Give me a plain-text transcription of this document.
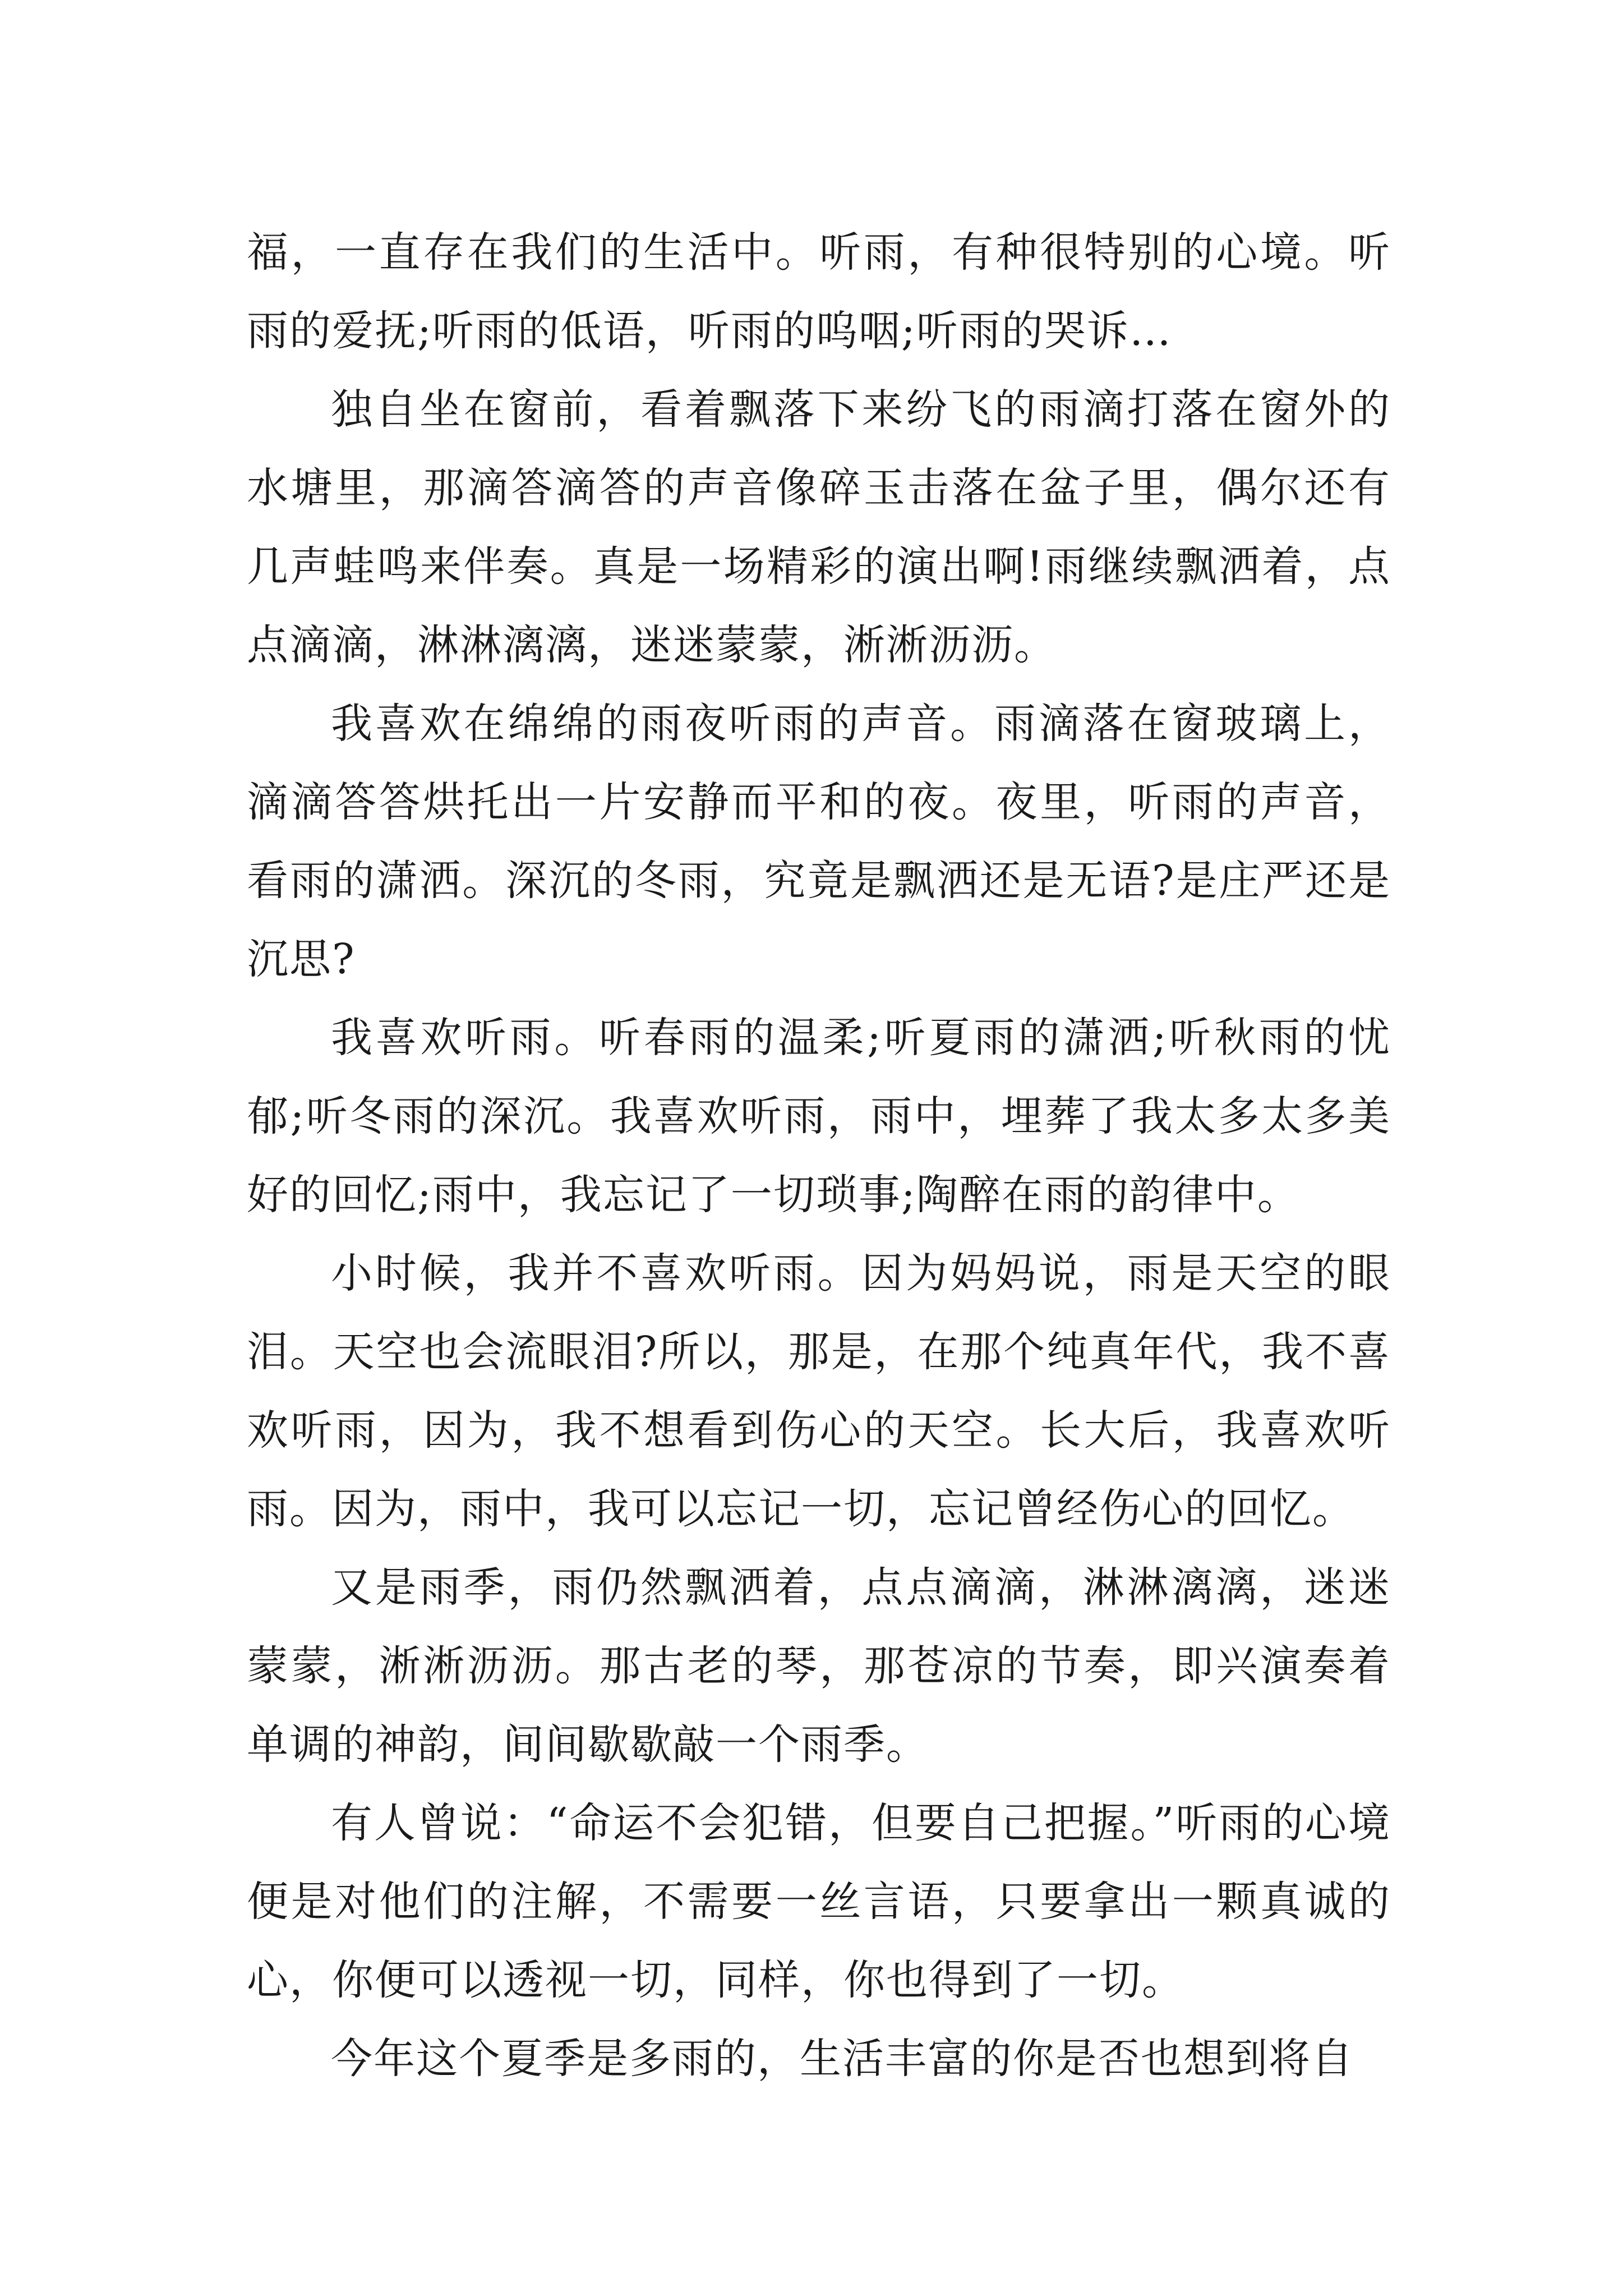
福，一直存在我们的生活中。听雨，有种很特别的心境。听雨的爱抚;听雨的低语，听雨的呜咽;听雨的哭诉…

独自坐在窗前，看着飘落下来纷飞的雨滴打落在窗外的水塘里，那滴答滴答的声音像碎玉击落在盆子里，偶尔还有几声蛙鸣来伴奏。真是一场精彩的演出啊!雨继续飘洒着，点点滴滴，淋淋漓漓，迷迷蒙蒙，淅淅沥沥。

我喜欢在绵绵的雨夜听雨的声音。雨滴落在窗玻璃上，滴滴答答烘托出一片安静而平和的夜。夜里，听雨的声音，看雨的潇洒。深沉的冬雨，究竟是飘洒还是无语?是庄严还是沉思?

我喜欢听雨。听春雨的温柔;听夏雨的潇洒;听秋雨的忧郁;听冬雨的深沉。我喜欢听雨，雨中，埋葬了我太多太多美好的回忆;雨中，我忘记了一切琐事;陶醉在雨的韵律中。

小时候，我并不喜欢听雨。因为妈妈说，雨是天空的眼泪。天空也会流眼泪?所以，那是，在那个纯真年代，我不喜欢听雨，因为，我不想看到伤心的天空。长大后，我喜欢听雨。因为，雨中，我可以忘记一切，忘记曾经伤心的回忆。

又是雨季，雨仍然飘洒着，点点滴滴，淋淋漓漓，迷迷蒙蒙，淅淅沥沥。那古老的琴，那苍凉的节奏，即兴演奏着单调的神韵，间间歇歇敲一个雨季。

有人曾说：“命运不会犯错，但要自己把握。”听雨的心境便是对他们的注解，不需要一丝言语，只要拿出一颗真诚的心，你便可以透视一切，同样，你也得到了一切。

今年这个夏季是多雨的，生活丰富的你是否也想到将自
